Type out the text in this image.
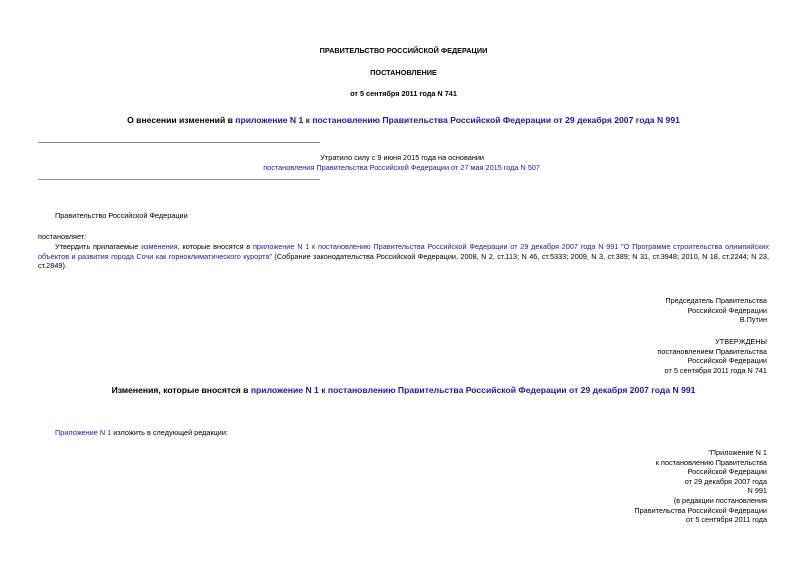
ПРАВИТЕЛЬСТВО РОССИЙСКОЙ ФЕДЕРАЦИИ
ПОСТАНОВЛЕНИЕ
от 5 сентября 2011 года N 741
О внесении изменений в приложение N 1 к постановлению Правительства Российской Федерации от 29 декабря 2007 года N 991
Утратило силу с 9 июня 2015 года на основании
постановления Правительства Российской Федерации от 27 мая 2015 года N 507
Правительство Российской Федерации
постановляет:
Утвердить прилагаемые изменения, которые вносятся в приложение N 1 к постановлению Правительства Российской Федерации от 29 декабря 2007 года N 991 "О Программе строительства олимпийских объектов и развития города Сочи как горноклиматического курорта" (Собрание законодательства Российской Федерации, 2008, N 2, ст.113; N 46, ст.5333; 2009, N 3, ст.389; N 31, ст.3948; 2010, N 18, ст.2244; N 23, ст.2849).
Председатель Правительства
Российской Федерации
В.Путин
УТВЕРЖДЕНЫ
постановлением Правительства
Российской Федерации
от 5 сентября 2011 года N 741
Изменения, которые вносятся в приложение N 1 к постановлению Правительства Российской Федерации от 29 декабря 2007 года N 991
Приложение N 1 изложить в следующей редакции:
"Приложение N 1
к постановлению Правительства
Российской Федерации
от 29 декабря 2007 года
N 991
(в редакции постановления
Правительства Российской Федерации
от 5 сентября 2011 года
